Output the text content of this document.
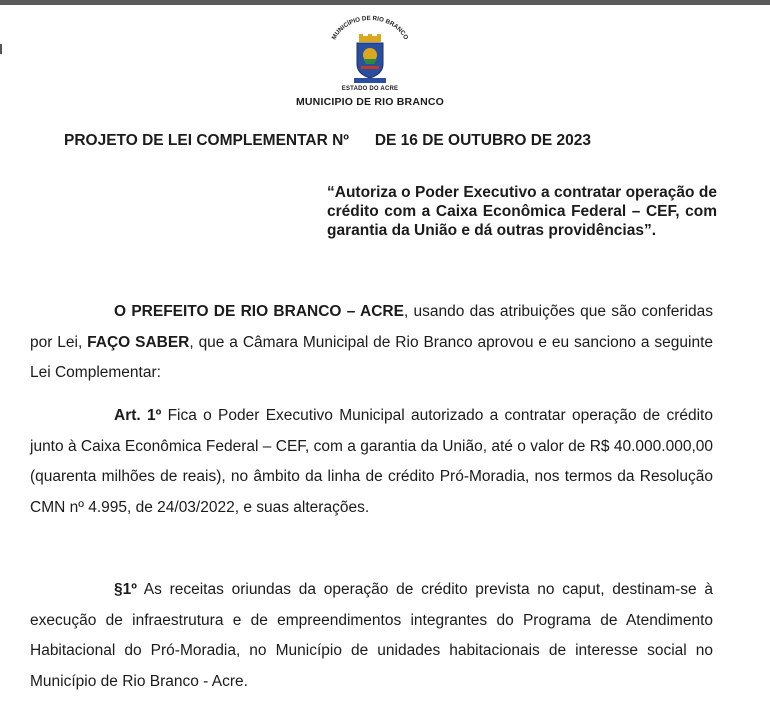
MUNICÍPIO DE RIO BRANCO
ESTADO DO ACRE
MUNICIPIO DE RIO BRANCO
PROJETO DE LEI COMPLEMENTAR Nº DE 16 DE OUTUBRO DE 2023
“Autoriza o Poder Executivo a contratar operação de crédito com a Caixa Econômica Federal – CEF, com garantia da União e dá outras providências”.
O PREFEITO DE RIO BRANCO – ACRE, usando das atribuições que são conferidas por Lei, FAÇO SABER, que a Câmara Municipal de Rio Branco aprovou e eu sanciono a seguinte Lei Complementar:
Art. 1º Fica o Poder Executivo Municipal autorizado a contratar operação de crédito junto à Caixa Econômica Federal – CEF, com a garantia da União, até o valor de R$ 40.000.000,00 (quarenta milhões de reais), no âmbito da linha de crédito Pró-Moradia, nos termos da Resolução CMN nº 4.995, de 24/03/2022, e suas alterações.
§1º As receitas oriundas da operação de crédito prevista no caput, destinam-se à execução de infraestrutura e de empreendimentos integrantes do Programa de Atendimento Habitacional do Pró-Moradia, no Município de unidades habitacionais de interesse social no Município de Rio Branco - Acre.
